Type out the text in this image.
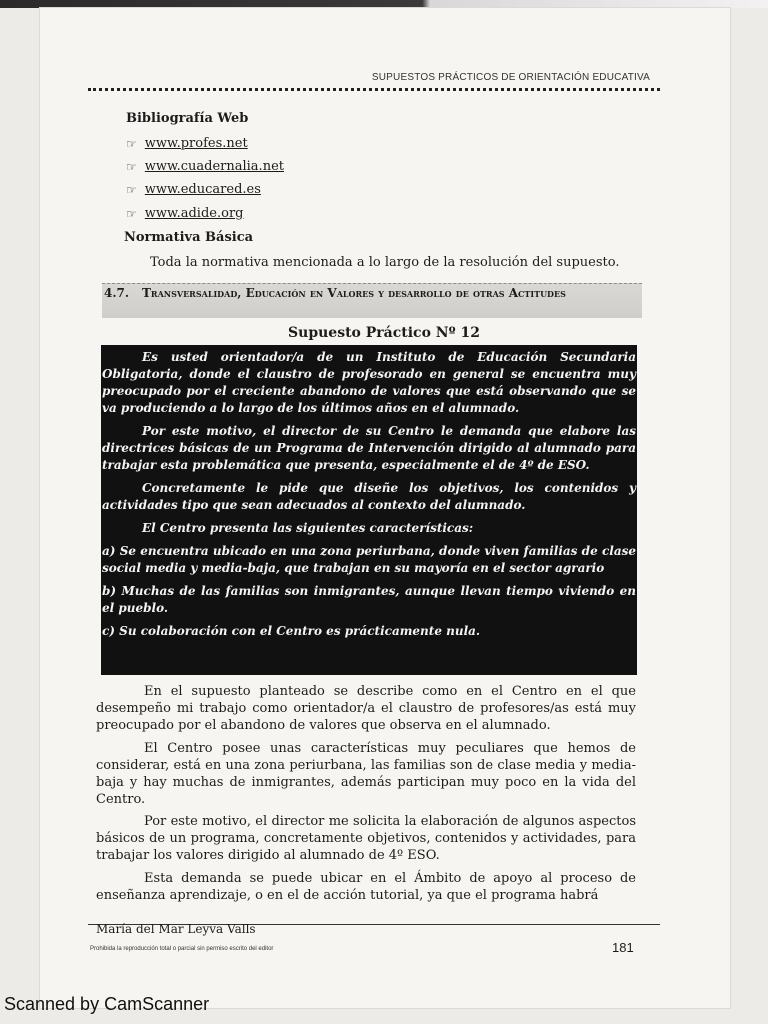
SUPUESTOS PRÁCTICOS DE ORIENTACIÓN EDUCATIVA
Bibliografía Web
☞ www.profes.net
☞ www.cuadernalia.net
☞ www.educared.es
☞ www.adide.org
Normativa Básica
Toda la normativa mencionada a lo largo de la resolución del supuesto.
4.7. Transversalidad, Educación en Valores y desarrollo de otras Actitudes
Supuesto Práctico Nº 12

Es usted orientador/a de un Instituto de Educación Secundaria Obligatoria, donde el claustro de profesorado en general se encuentra muy preocupado por el creciente abandono de valores que está observando que se va produciendo a lo largo de los últimos años en el alumnado.

Por este motivo, el director de su Centro le demanda que elabore las directrices básicas de un Programa de Intervención dirigido al alumnado para trabajar esta problemática que presenta, especialmente el de 4º de ESO.

Concretamente le pide que diseñe los objetivos, los contenidos y actividades tipo que sean adecuados al contexto del alumnado.

El Centro presenta las siguientes características:

a) Se encuentra ubicado en una zona periurbana, donde viven familias de clase social media y media-baja, que trabajan en su mayoría en el sector agrario

b) Muchas de las familias son inmigrantes, aunque llevan tiempo viviendo en el pueblo.

c) Su colaboración con el Centro es prácticamente nula.

En el supuesto planteado se describe como en el Centro en el que desempeño mi trabajo como orientador/a el claustro de profesores/as está muy preocupado por el abandono de valores que observa en el alumnado.

El Centro posee unas características muy peculiares que hemos de considerar, está en una zona periurbana, las familias son de clase media y media-baja y hay muchas de inmigrantes, además participan muy poco en la vida del Centro.

Por este motivo, el director me solicita la elaboración de algunos aspectos básicos de un programa, concretamente objetivos, contenidos y actividades, para trabajar los valores dirigido al alumnado de 4º ESO.

Esta demanda se puede ubicar en el Ámbito de apoyo al proceso de enseñanza aprendizaje, o en el de acción tutorial, ya que el programa habrá

María del Mar Leyva Valls
Prohibida la reproducción total o parcial sin permiso escrito del editor	181
Scanned by CamScanner
